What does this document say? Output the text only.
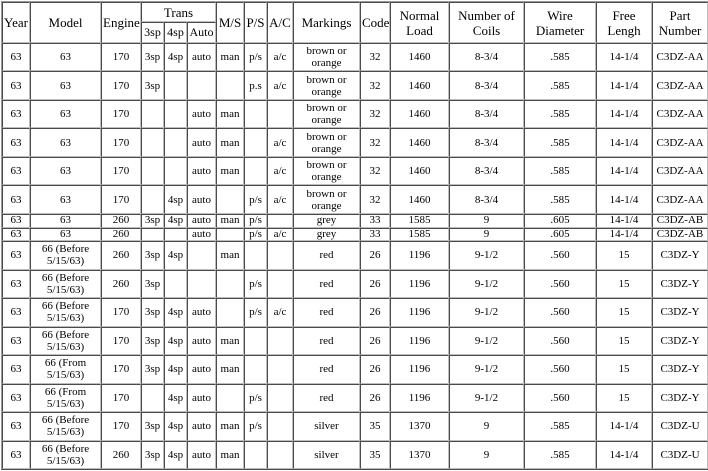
Year	Model	Engine	Trans			M/S	P/S	A/C	Markings	Code	Normal Load	Number of Coils	Wire Diameter	Free Lengh	Part Number
			3sp	4sp	Auto										
63	63	170	3sp	4sp	auto	man	p/s	a/c	brown or orange	32	1460	8-3/4	.585	14-1/4	C3DZ-AA
63	63	170	3sp				p.s	a/c	brown or orange	32	1460	8-3/4	.585	14-1/4	C3DZ-AA
63	63	170			auto	man			brown or orange	32	1460	8-3/4	.585	14-1/4	C3DZ-AA
63	63	170			auto	man		a/c	brown or orange	32	1460	8-3/4	.585	14-1/4	C3DZ-AA
63	63	170			auto	man		a/c	brown or orange	32	1460	8-3/4	.585	14-1/4	C3DZ-AA
63	63	170		4sp	auto		p/s	a/c	brown or orange	32	1460	8-3/4	.585	14-1/4	C3DZ-AA
63	63	260	3sp	4sp	auto	man	p/s		grey	33	1585	9	.605	14-1/4	C3DZ-AB
63	63	260			auto		p/s	a/c	grey	33	1585	9	.605	14-1/4	C3DZ-AB
63	66 (Before 5/15/63)	260	3sp	4sp		man			red	26	1196	9-1/2	.560	15	C3DZ-Y
63	66 (Before 5/15/63)	260	3sp				p/s		red	26	1196	9-1/2	.560	15	C3DZ-Y
63	66 (Before 5/15/63)	170	3sp	4sp	auto		p/s	a/c	red	26	1196	9-1/2	.560	15	C3DZ-Y
63	66 (Before 5/15/63)	170	3sp	4sp	auto	man			red	26	1196	9-1/2	.560	15	C3DZ-Y
63	66 (From 5/15/63)	170	3sp	4sp	auto	man			red	26	1196	9-1/2	.560	15	C3DZ-Y
63	66 (From 5/15/63)	170		4sp	auto		p/s		red	26	1196	9-1/2	.560	15	C3DZ-Y
63	66 (Before 5/15/63)	170	3sp	4sp	auto	man	p/s		silver	35	1370	9	.585	14-1/4	C3DZ-U
63	66 (Before 5/15/63)	260	3sp	4sp	auto	man			silver	35	1370	9	.585	14-1/4	C3DZ-U
